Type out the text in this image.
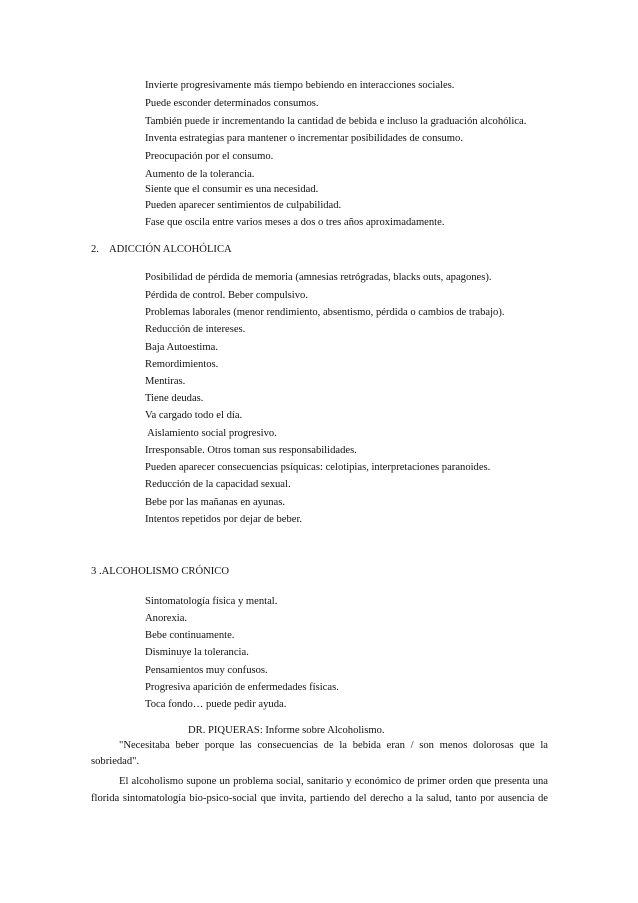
Invierte progresivamente más tiempo bebiendo en interacciones sociales.
Puede esconder determinados consumos.
También puede ir incrementando la cantidad de bebida e incluso la graduación alcohólica.
Inventa estrategias para mantener o incrementar posibilidades de consumo.
Preocupación por el consumo.
Aumento de la tolerancia.
Siente que el consumir es una necesidad.
Pueden aparecer sentimientos de culpabilidad.
Fase que oscila entre varios meses a dos o tres años aproximadamente.
2.    ADICCIÓN ALCOHÓLICA
Posibilidad de pérdida de memoria (amnesias retrógradas, blacks outs, apagones).
Pérdida de control. Beber compulsivo.
Problemas laborales (menor rendimiento, absentismo, pérdida o cambios de trabajo).
Reducción de intereses.
Baja Autoestima.
Remordimientos.
Mentiras.
Tiene deudas.
Va cargado todo el día.
Aislamiento social progresivo.
Irresponsable. Otros toman sus responsabilidades.
Pueden aparecer consecuencias psíquicas: celotipias, interpretaciones paranoides.
Reducción de la capacidad sexual.
Bebe por las mañanas en ayunas.
Intentos repetidos por dejar de beber.
3 .ALCOHOLISMO CRÓNICO
Sintomatología física y mental.
Anorexia.
Bebe continuamente.
Disminuye la tolerancia.
Pensamientos muy confusos.
Progresiva aparición de enfermedades físicas.
Toca fondo… puede pedir ayuda.
DR. PIQUERAS: Informe sobre Alcoholismo.
"Necesitaba beber porque las consecuencias de la bebida eran / son menos dolorosas que la
sobriedad".
El alcoholismo supone un problema social, sanitario y económico de primer orden que presenta una
florida sintomatología bio-psico-social que invita, partiendo del derecho a la salud, tanto por ausencia de
